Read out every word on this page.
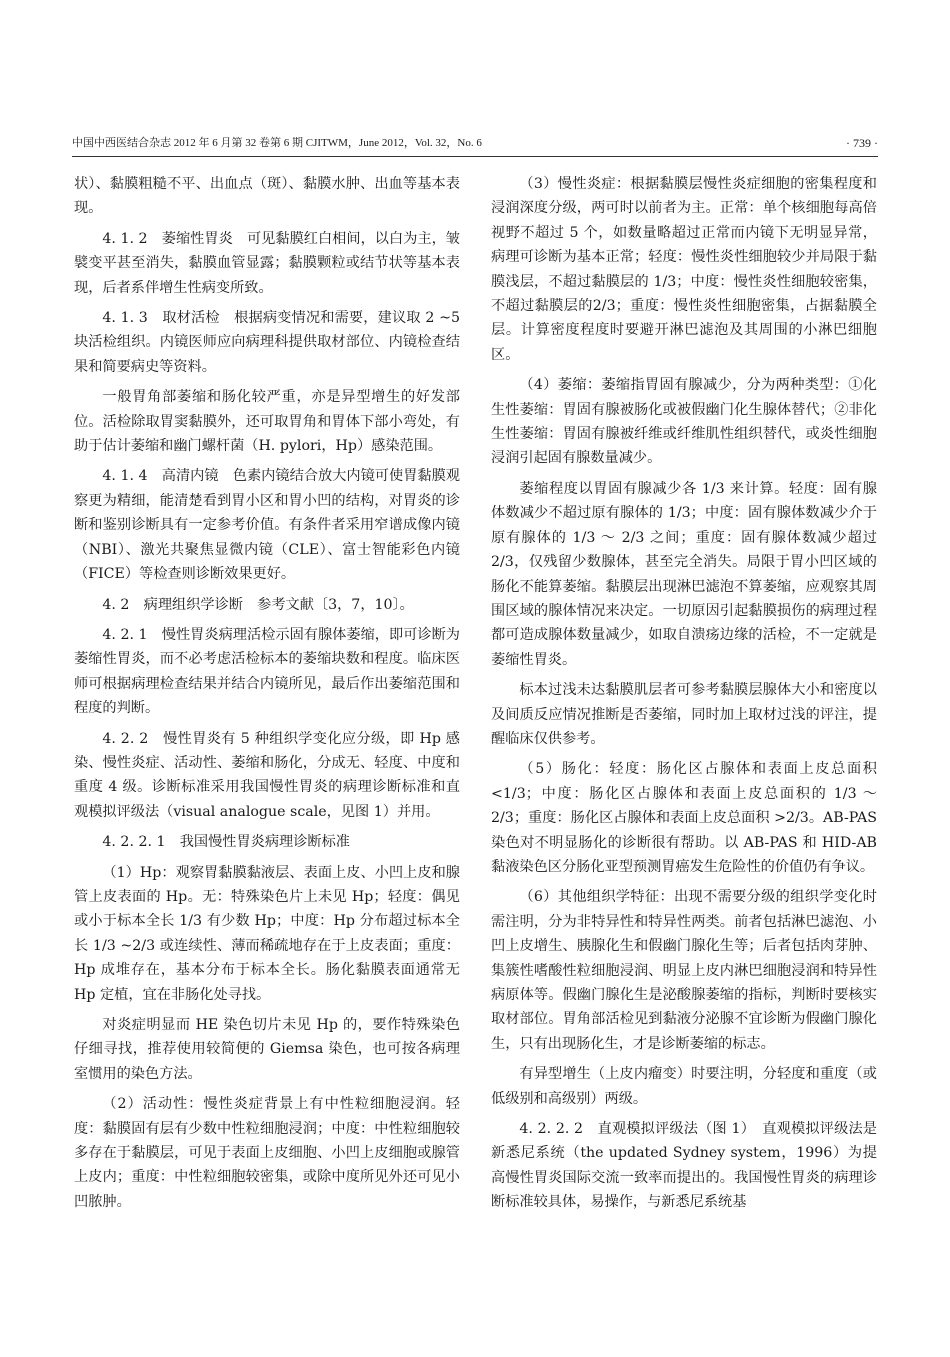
中国中西医结合杂志 2012 年 6 月第 32 卷第 6 期 CJITWM，June 2012，Vol. 32，No. 6	· 739 ·

状）、黏膜粗糙不平、出血点（斑）、黏膜水肿、出血等基本表现。

4. 1. 2　萎缩性胃炎　可见黏膜红白相间，以白为主，皱襞变平甚至消失，黏膜血管显露；黏膜颗粒或结节状等基本表现，后者系伴增生性病变所致。

4. 1. 3　取材活检　根据病变情况和需要，建议取 2 ~5 块活检组织。内镜医师应向病理科提供取材部位、内镜检查结果和简要病史等资料。

一般胃角部萎缩和肠化较严重，亦是异型增生的好发部位。活检除取胃窦黏膜外，还可取胃角和胃体下部小弯处，有助于估计萎缩和幽门螺杆菌（H. pylori，Hp）感染范围。

4. 1. 4　高清内镜　色素内镜结合放大内镜可使胃黏膜观察更为精细，能清楚看到胃小区和胃小凹的结构，对胃炎的诊断和鉴别诊断具有一定参考价值。有条件者采用窄谱成像内镜（NBI）、激光共聚焦显微内镜（CLE）、富士智能彩色内镜（FICE）等检查则诊断效果更好。

4. 2　病理组织学诊断　参考文献〔3，7，10〕。

4. 2. 1　慢性胃炎病理活检示固有腺体萎缩，即可诊断为萎缩性胃炎，而不必考虑活检标本的萎缩块数和程度。临床医师可根据病理检查结果并结合内镜所见，最后作出萎缩范围和程度的判断。

4. 2. 2　慢性胃炎有 5 种组织学变化应分级，即 Hp 感染、慢性炎症、活动性、萎缩和肠化，分成无、轻度、中度和重度 4 级。诊断标准采用我国慢性胃炎的病理诊断标准和直观模拟评级法（visual analogue scale，见图 1）并用。

4. 2. 2. 1　我国慢性胃炎病理诊断标准

（1）Hp：观察胃黏膜黏液层、表面上皮、小凹上皮和腺管上皮表面的 Hp。无：特殊染色片上未见 Hp；轻度：偶见或小于标本全长 1/3 有少数 Hp；中度：Hp 分布超过标本全长 1/3 ~2/3 或连续性、薄而稀疏地存在于上皮表面；重度：Hp 成堆存在，基本分布于标本全长。肠化黏膜表面通常无 Hp 定植，宜在非肠化处寻找。

对炎症明显而 HE 染色切片未见 Hp 的，要作特殊染色仔细寻找，推荐使用较简便的 Giemsa 染色，也可按各病理室惯用的染色方法。

（2）活动性：慢性炎症背景上有中性粒细胞浸润。轻度：黏膜固有层有少数中性粒细胞浸润；中度：中性粒细胞较多存在于黏膜层，可见于表面上皮细胞、小凹上皮细胞或腺管上皮内；重度：中性粒细胞较密集，或除中度所见外还可见小凹脓肿。

（3）慢性炎症：根据黏膜层慢性炎症细胞的密集程度和浸润深度分级，两可时以前者为主。正常：单个核细胞每高倍视野不超过 5 个，如数量略超过正常而内镜下无明显异常，病理可诊断为基本正常；轻度：慢性炎性细胞较少并局限于黏膜浅层，不超过黏膜层的 1/3；中度：慢性炎性细胞较密集，不超过黏膜层的2/3；重度：慢性炎性细胞密集，占据黏膜全层。计算密度程度时要避开淋巴滤泡及其周围的小淋巴细胞区。

（4）萎缩：萎缩指胃固有腺减少，分为两种类型：①化生性萎缩：胃固有腺被肠化或被假幽门化生腺体替代；②非化生性萎缩：胃固有腺被纤维或纤维肌性组织替代，或炎性细胞浸润引起固有腺数量减少。

萎缩程度以胃固有腺减少各 1/3 来计算。轻度：固有腺体数减少不超过原有腺体的 1/3；中度：固有腺体数减少介于原有腺体的 1/3 ～ 2/3 之间；重度：固有腺体数减少超过 2/3，仅残留少数腺体，甚至完全消失。局限于胃小凹区域的肠化不能算萎缩。黏膜层出现淋巴滤泡不算萎缩，应观察其周围区域的腺体情况来决定。一切原因引起黏膜损伤的病理过程都可造成腺体数量减少，如取自溃疡边缘的活检，不一定就是萎缩性胃炎。

标本过浅未达黏膜肌层者可参考黏膜层腺体大小和密度以及间质反应情况推断是否萎缩，同时加上取材过浅的评注，提醒临床仅供参考。

（5）肠化：轻度：肠化区占腺体和表面上皮总面积 <1/3；中度：肠化区占腺体和表面上皮总面积的 1/3 ～2/3；重度：肠化区占腺体和表面上皮总面积 >2/3。AB-PAS 染色对不明显肠化的诊断很有帮助。以 AB-PAS 和 HID-AB 黏液染色区分肠化亚型预测胃癌发生危险性的价值仍有争议。

（6）其他组织学特征：出现不需要分级的组织学变化时需注明，分为非特异性和特异性两类。前者包括淋巴滤泡、小凹上皮增生、胰腺化生和假幽门腺化生等；后者包括肉芽肿、集簇性嗜酸性粒细胞浸润、明显上皮内淋巴细胞浸润和特异性病原体等。假幽门腺化生是泌酸腺萎缩的指标，判断时要核实取材部位。胃角部活检见到黏液分泌腺不宜诊断为假幽门腺化生，只有出现肠化生，才是诊断萎缩的标志。

有异型增生（上皮内瘤变）时要注明，分轻度和重度（或低级别和高级别）两级。

4. 2. 2. 2　直观模拟评级法（图 1）　直观模拟评级法是新悉尼系统（the updated Sydney system，1996）为提高慢性胃炎国际交流一致率而提出的。我国慢性胃炎的病理诊断标准较具体，易操作，与新悉尼系统基
